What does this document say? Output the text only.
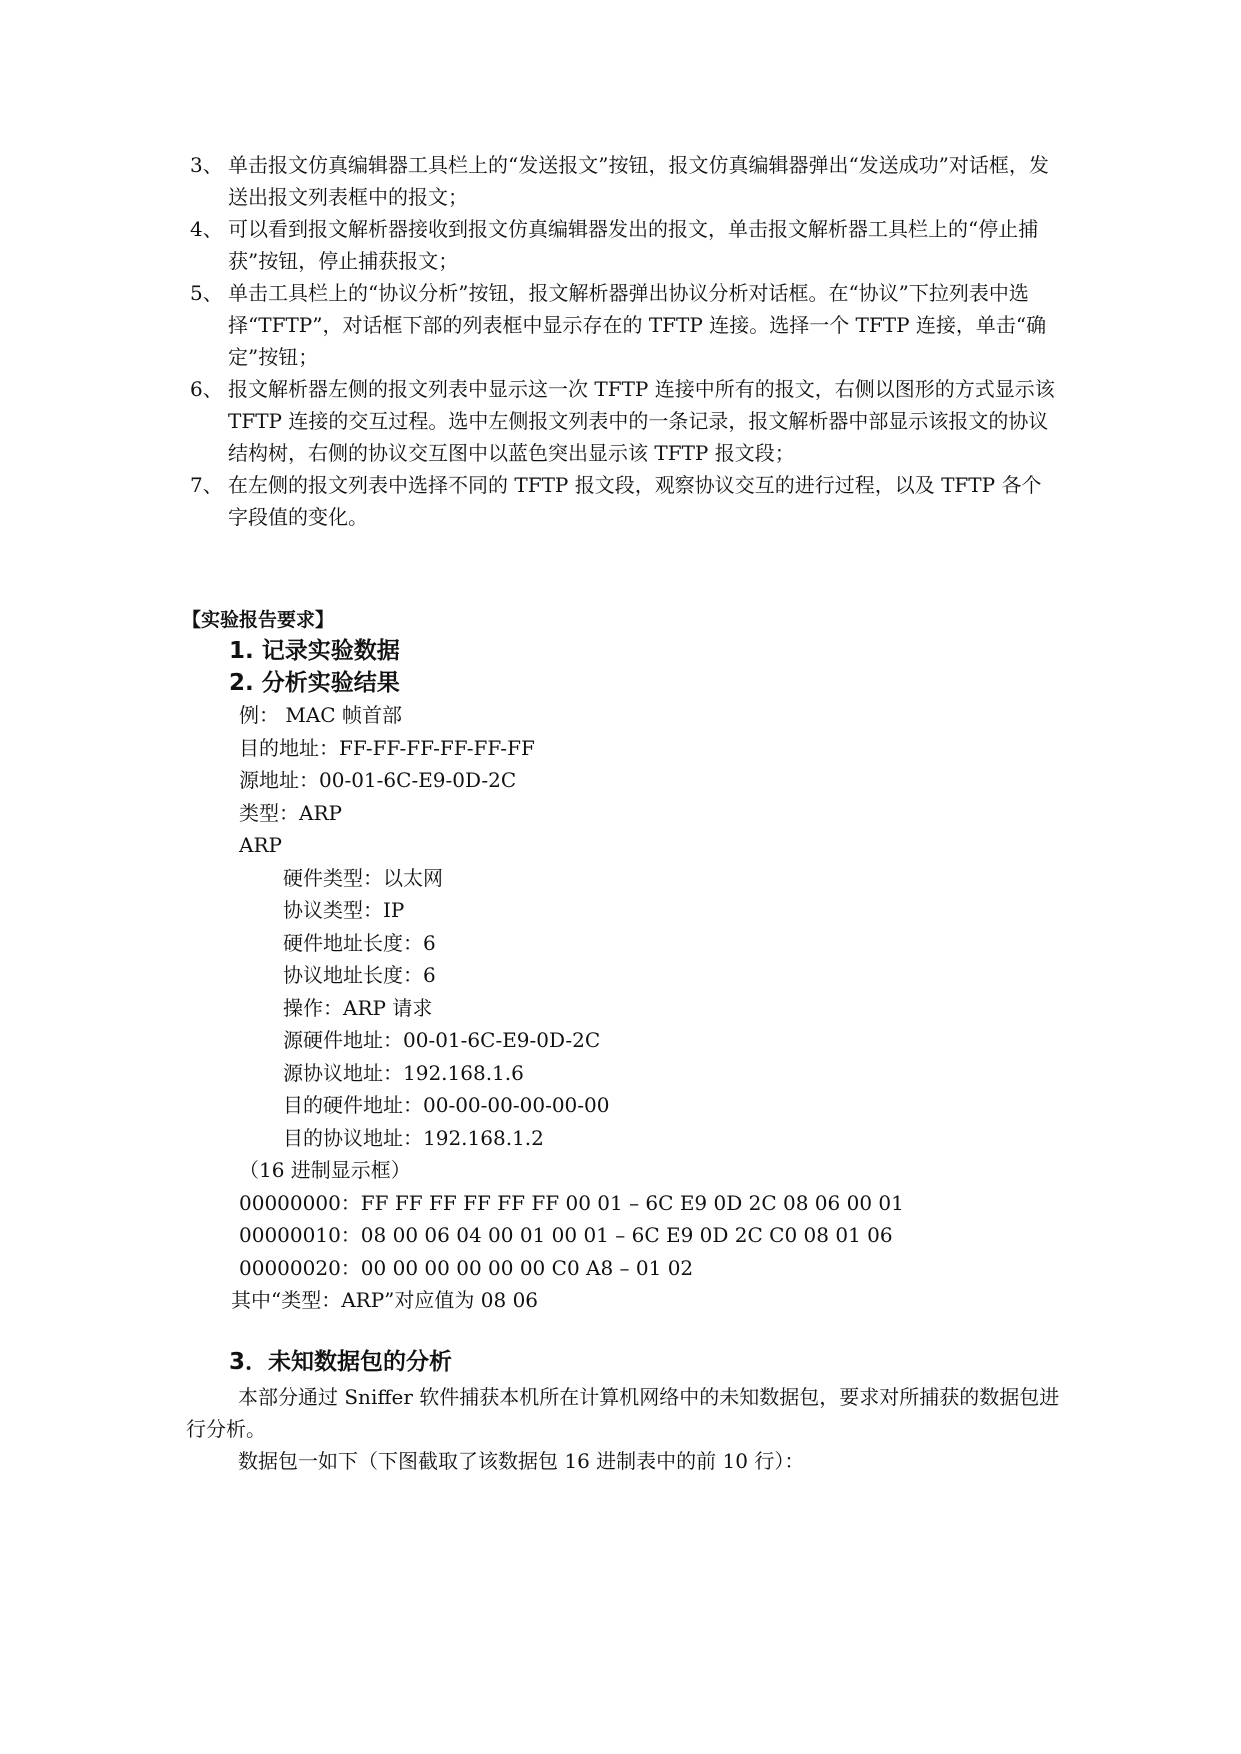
3、 单击报文仿真编辑器工具栏上的“发送报文”按钮，报文仿真编辑器弹出“发送成功”对话框，发送出报文列表框中的报文；
4、 可以看到报文解析器接收到报文仿真编辑器发出的报文，单击报文解析器工具栏上的“停止捕获”按钮，停止捕获报文；
5、 单击工具栏上的“协议分析”按钮，报文解析器弹出协议分析对话框。在“协议”下拉列表中选择“TFTP”，对话框下部的列表框中显示存在的 TFTP 连接。选择一个 TFTP 连接，单击“确定”按钮；
6、 报文解析器左侧的报文列表中显示这一次 TFTP 连接中所有的报文，右侧以图形的方式显示该 TFTP 连接的交互过程。选中左侧报文列表中的一条记录，报文解析器中部显示该报文的协议结构树，右侧的协议交互图中以蓝色突出显示该 TFTP 报文段；
7、 在左侧的报文列表中选择不同的 TFTP 报文段，观察协议交互的进行过程，以及 TFTP 各个字段值的变化。
【实验报告要求】
1. 记录实验数据
2. 分析实验结果
例： MAC 帧首部
目的地址：FF-FF-FF-FF-FF-FF
源地址：00-01-6C-E9-0D-2C
类型：ARP
ARP
硬件类型：以太网
协议类型：IP
硬件地址长度：6
协议地址长度：6
操作：ARP 请求
源硬件地址：00-01-6C-E9-0D-2C
源协议地址：192.168.1.6
目的硬件地址：00-00-00-00-00-00
目的协议地址：192.168.1.2
（16 进制显示框）
00000000：FF FF FF FF FF FF 00 01 – 6C E9 0D 2C 08 06 00 01
00000010：08 00 06 04 00 01 00 01 – 6C E9 0D 2C C0 08 01 06
00000020：00 00 00 00 00 00 C0 A8 – 01 02
其中“类型：ARP”对应值为 08 06
3．未知数据包的分析
本部分通过 Sniffer 软件捕获本机所在计算机网络中的未知数据包，要求对所捕获的数据包进行分析。
数据包一如下（下图截取了该数据包 16 进制表中的前 10 行）：
